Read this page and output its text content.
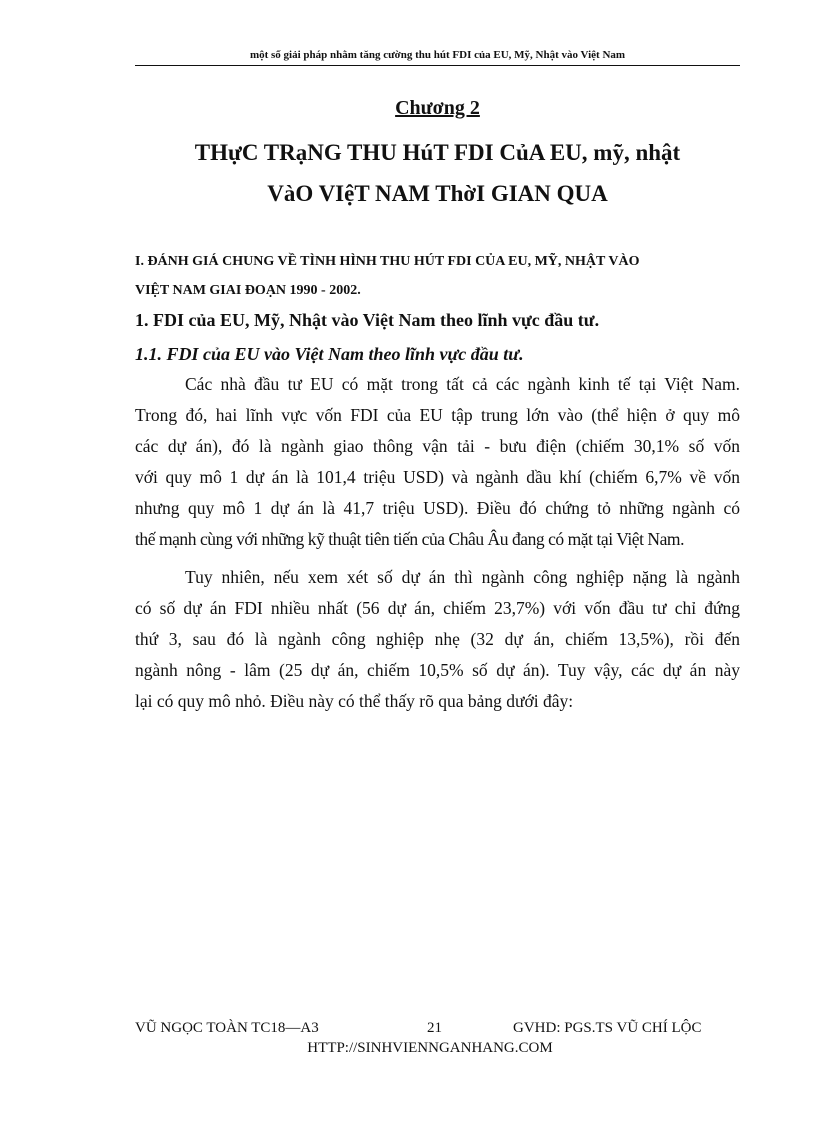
một số giải pháp nhằm tăng cường thu hút FDI của EU, Mỹ, Nhật vào Việt Nam
Chương 2
THựC TRạNG THU HúT FDI CủA EU, mỹ, nhật
VàO VIệT NAM ThờI GIAN QUA
I. ĐÁNH GIÁ CHUNG VỀ TÌNH HÌNH THU HÚT FDI CỦA EU, MỸ, NHẬT VÀO
VIỆT NAM GIAI ĐOẠN 1990 - 2002.
1. FDI của EU, Mỹ, Nhật vào Việt Nam theo lĩnh vực đầu tư.
1.1. FDI của EU vào Việt Nam theo lĩnh vực đầu tư.
Các nhà đầu tư EU có mặt trong tất cả các ngành kinh tế tại Việt Nam.
Trong đó, hai lĩnh vực vốn FDI của EU tập trung lớn vào (thể hiện ở quy mô
các dự án), đó là ngành giao thông vận tải - bưu điện (chiếm 30,1% số vốn
với quy mô 1 dự án là 101,4 triệu USD) và ngành dầu khí (chiếm 6,7% về vốn
nhưng quy mô 1 dự án là 41,7 triệu USD). Điều đó chứng tỏ những ngành có
thế mạnh cùng với những kỹ thuật tiên tiến của Châu Âu đang có mặt tại Việt Nam.
Tuy nhiên, nếu xem xét số dự án thì ngành công nghiệp nặng là ngành
có số dự án FDI nhiều nhất (56 dự án, chiếm 23,7%) với vốn đầu tư chỉ đứng
thứ 3, sau đó là ngành công nghiệp nhẹ (32 dự án, chiếm 13,5%), rồi đến
ngành nông - lâm (25 dự án, chiếm 10,5% số dự án). Tuy vậy, các dự án này
lại có quy mô nhỏ. Điều này có thể thấy rõ qua bảng dưới đây:
VŨ NGỌC TOÀN TC18—A3	21	GVHD: PGS.TS VŨ CHÍ LỘC
HTTP://SINHVIENNGANHANG.COM
